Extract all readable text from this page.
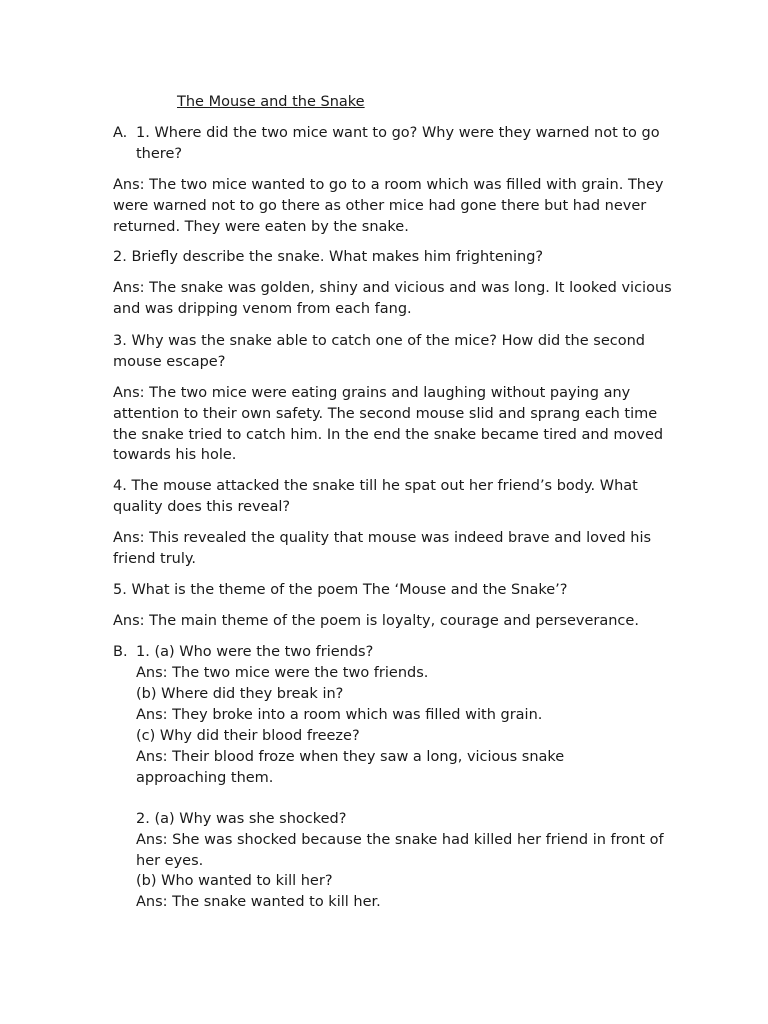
The Mouse and the Snake
A. 1. Where did the two mice want to go? Why were they warned not to go there?

Ans: The two mice wanted to go to a room which was filled with grain. They were warned not to go there as other mice had gone there but had never returned. They were eaten by the snake.

2. Briefly describe the snake. What makes him frightening?

Ans: The snake was golden, shiny and vicious and was long. It looked vicious and was dripping venom from each fang.

3. Why was the snake able to catch one of the mice? How did the second mouse escape?

Ans: The two mice were eating grains and laughing without paying any attention to their own safety. The second mouse slid and sprang each time the snake tried to catch him. In the end the snake became tired and moved towards his hole.

4. The mouse attacked the snake till he spat out her friend’s body. What quality does this reveal?

Ans: This revealed the quality that mouse was indeed brave and loved his friend truly.

5. What is the theme of the poem The ‘Mouse and the Snake’?

Ans: The main theme of the poem is loyalty, courage and perseverance.

B. 1. (a) Who were the two friends?

Ans: The two mice were the two friends.

(b) Where did they break in?

Ans: They broke into a room which was filled with grain.

(c) Why did their blood freeze?

Ans: Their blood froze when they saw a long, vicious snake approaching them.

2. (a) Why was she shocked?

Ans: She was shocked because the snake had killed her friend in front of her eyes.

(b) Who wanted to kill her?

Ans: The snake wanted to kill her.
